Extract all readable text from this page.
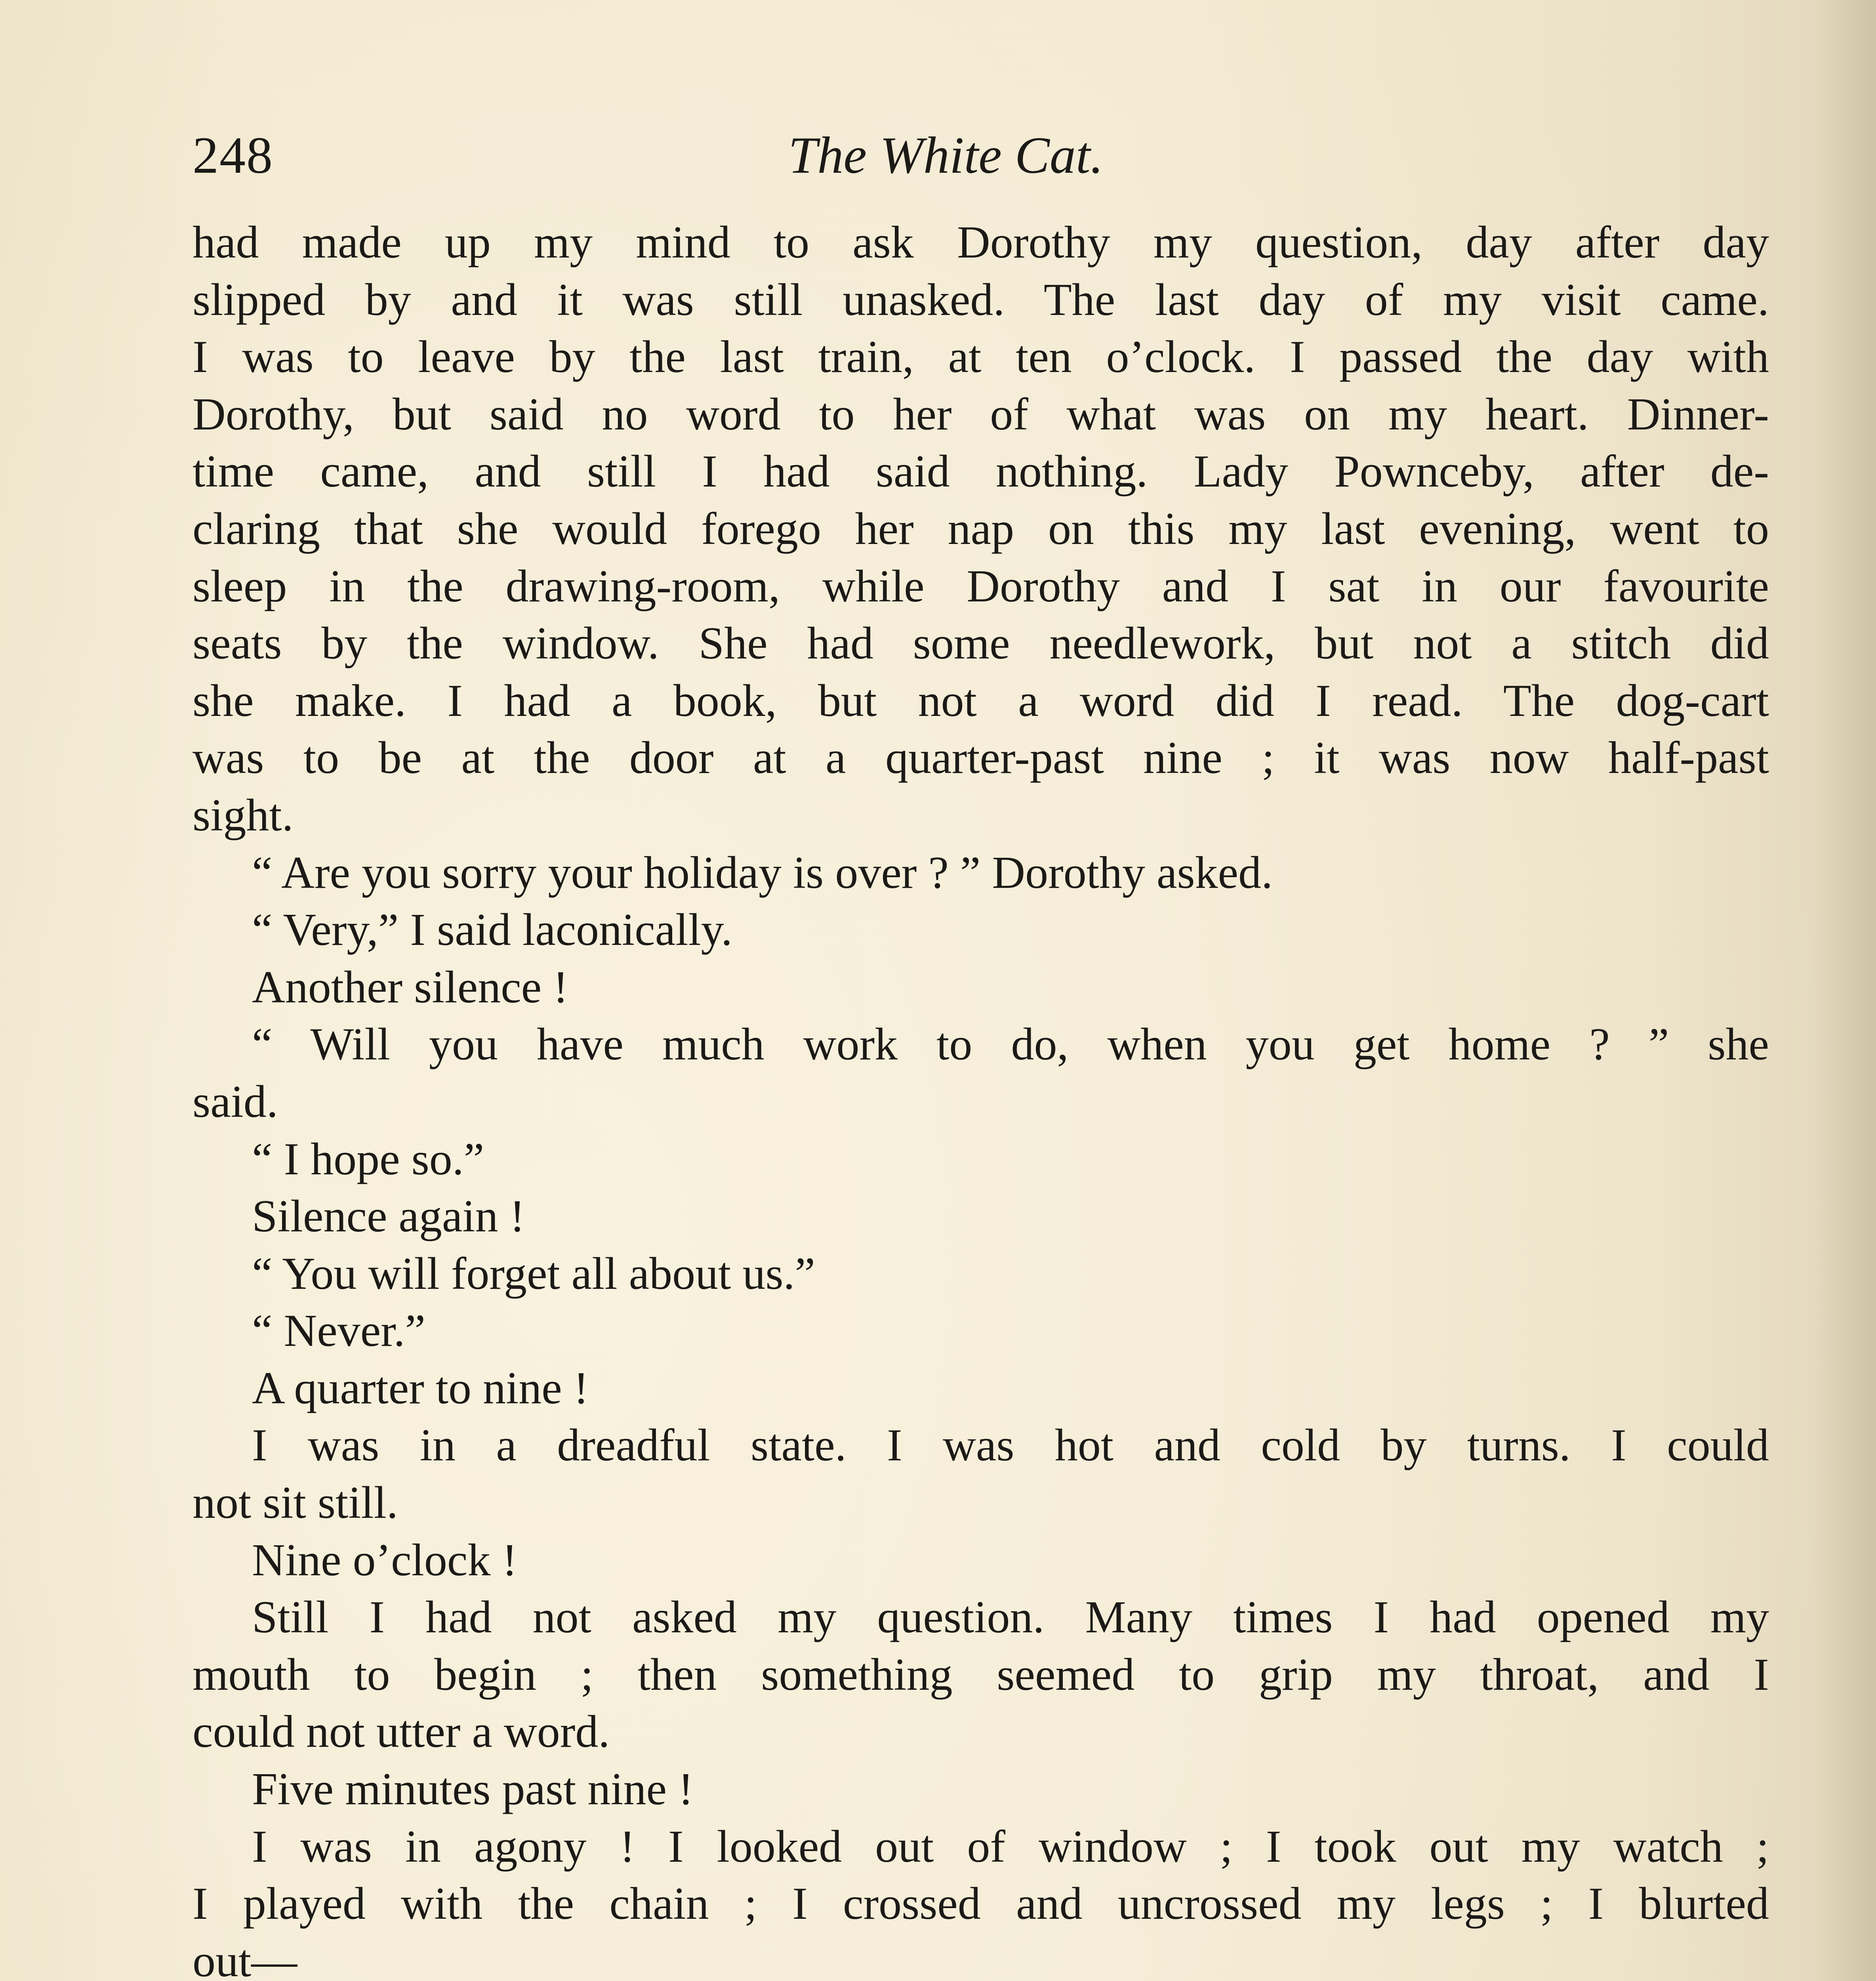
248	The White Cat.
had made up my mind to ask Dorothy my question, day after day
slipped by and it was still unasked. The last day of my visit came.
I was to leave by the last train, at ten o’clock. I passed the day with
Dorothy, but said no word to her of what was on my heart. Dinner-
time came, and still I had said nothing. Lady Pownceby, after de-
claring that she would forego her nap on this my last evening, went to
sleep in the drawing-room, while Dorothy and I sat in our favourite
seats by the window. She had some needlework, but not a stitch did
she make. I had a book, but not a word did I read. The dog-cart
was to be at the door at a quarter-past nine ; it was now half-past
sight.
“ Are you sorry your holiday is over ? ” Dorothy asked.
“ Very,” I said laconically.
Another silence !
“ Will you have much work to do, when you get home ? ” she
said.
“ I hope so.”
Silence again !
“ You will forget all about us.”
“ Never.”
A quarter to nine !
I was in a dreadful state. I was hot and cold by turns. I could
not sit still.
Nine o’clock !
Still I had not asked my question. Many times I had opened my
mouth to begin ; then something seemed to grip my throat, and I
could not utter a word.
Five minutes past nine !
I was in agony ! I looked out of window ; I took out my watch ;
I played with the chain ; I crossed and uncrossed my legs ; I blurted
out—
